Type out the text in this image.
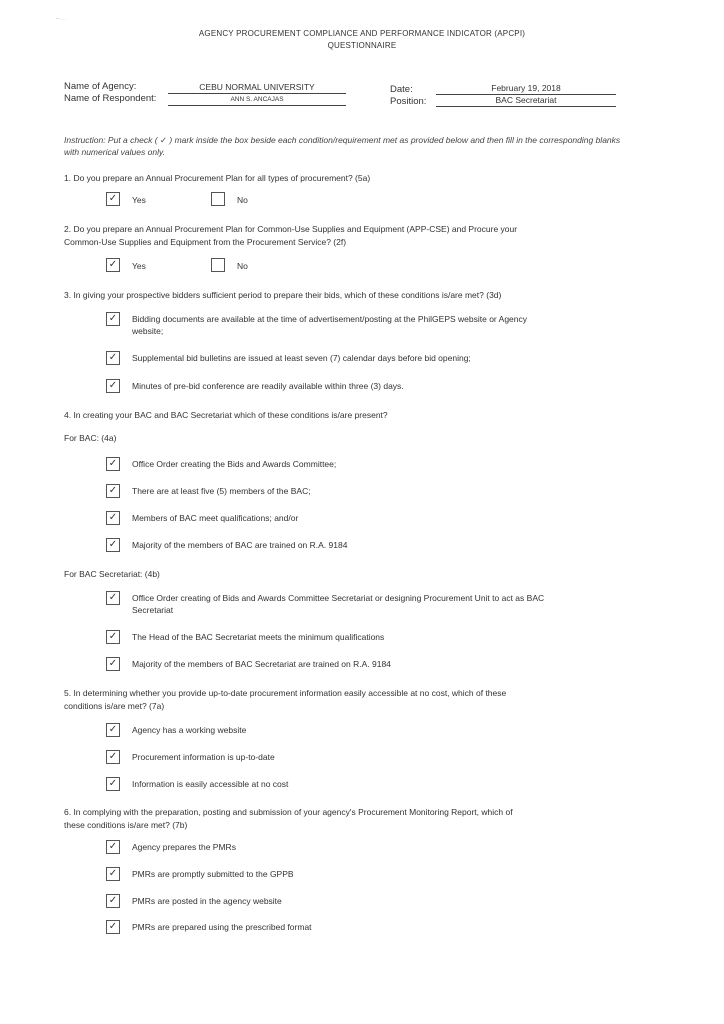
-- . .
AGENCY PROCUREMENT COMPLIANCE AND PERFORMANCE INDICATOR (APCPI)
QUESTIONNAIRE
Name of Agency:	CEBU NORMAL UNIVERSITY
Name of Respondent:	ANN S. ANCAJAS
Date:	February 19, 2018
Position:	BAC Secretariat
Instruction: Put a check ( ✓ ) mark inside the box beside each condition/requirement met as provided below and then fill in the corresponding blanks with numerical values only.
1. Do you prepare an Annual Procurement Plan for all types of procurement? (5a)
✓	Yes	No
2. Do you prepare an Annual Procurement Plan for Common-Use Supplies and Equipment (APP-CSE) and Procure your Common-Use Supplies and Equipment from the Procurement Service? (2f)
✓	Yes	No
3. In giving your prospective bidders sufficient period to prepare their bids, which of these conditions is/are met? (3d)
✓	Bidding documents are available at the time of advertisement/posting at the PhilGEPS website or Agency website;
✓	Supplemental bid bulletins are issued at least seven (7) calendar days before bid opening;
✓	Minutes of pre-bid conference are readily available within three (3) days.
4. In creating your BAC and BAC Secretariat which of these conditions is/are present?
For BAC: (4a)
✓	Office Order creating the Bids and Awards Committee;
✓	There are at least five (5) members of the BAC;
✓	Members of BAC meet qualifications; and/or
✓	Majority of the members of BAC are trained on R.A. 9184
For BAC Secretariat: (4b)
✓	Office Order creating of Bids and Awards Committee Secretariat or designing Procurement Unit to act as BAC Secretariat
✓	The Head of the BAC Secretariat meets the minimum qualifications
✓	Majority of the members of BAC Secretariat are trained on R.A. 9184
5. In determining whether you provide up-to-date procurement information easily accessible at no cost, which of these conditions is/are met? (7a)
✓	Agency has a working website
✓	Procurement information is up-to-date
✓	Information is easily accessible at no cost
6. In complying with the preparation, posting and submission of your agency's Procurement Monitoring Report, which of these conditions is/are met? (7b)
✓	Agency prepares the PMRs
✓	PMRs are promptly submitted to the GPPB
✓	PMRs are posted in the agency website
✓	PMRs are prepared using the prescribed format
